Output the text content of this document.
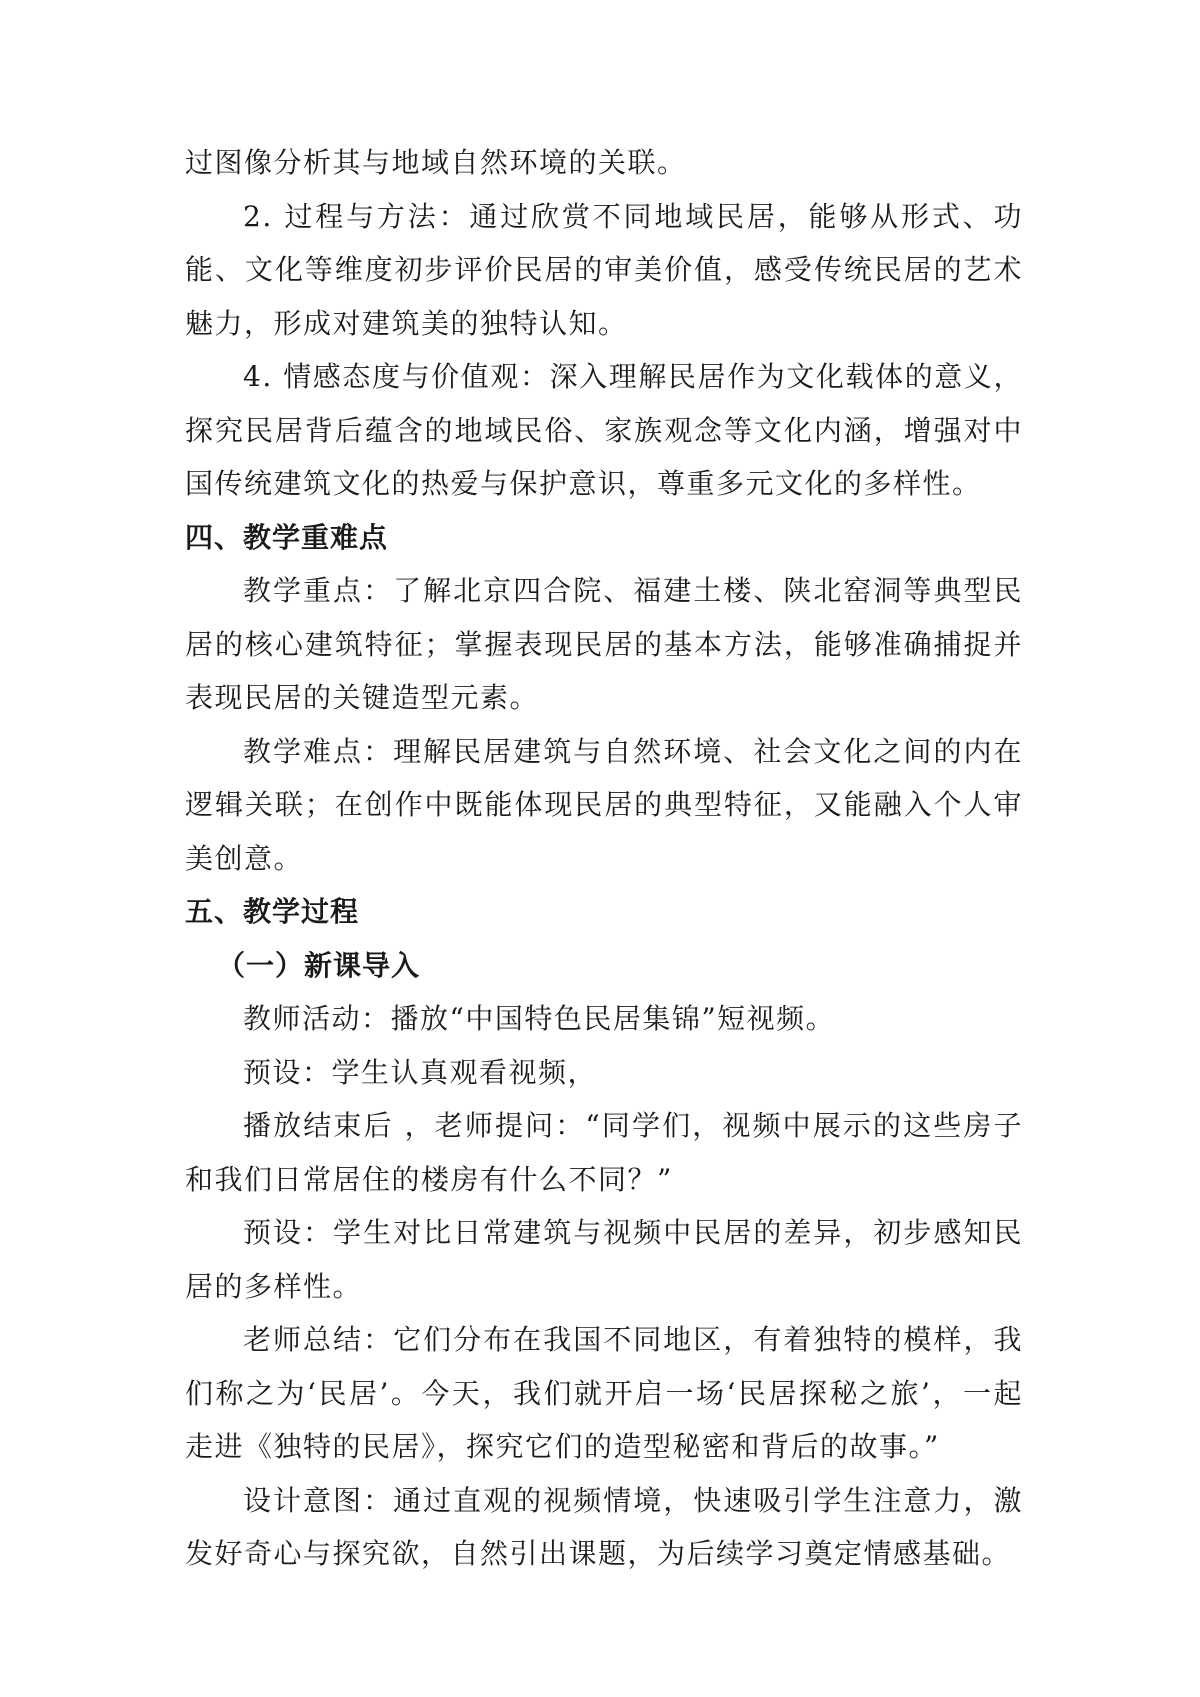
过图像分析其与地域自然环境的关联。

2. 过程与方法：通过欣赏不同地域民居，能够从形式、功能、文化等维度初步评价民居的审美价值，感受传统民居的艺术魅力，形成对建筑美的独特认知。

4. 情感态度与价值观：深入理解民居作为文化载体的意义，探究民居背后蕴含的地域民俗、家族观念等文化内涵，增强对中国传统建筑文化的热爱与保护意识，尊重多元文化的多样性。

四、教学重难点

教学重点：了解北京四合院、福建土楼、陕北窑洞等典型民居的核心建筑特征；掌握表现民居的基本方法，能够准确捕捉并表现民居的关键造型元素。

教学难点：理解民居建筑与自然环境、社会文化之间的内在逻辑关联；在创作中既能体现民居的典型特征，又能融入个人审美创意。

五、教学过程

（一）新课导入

教师活动：播放“中国特色民居集锦”短视频。

预设：学生认真观看视频，

播放结束后 ，老师提问：“同学们，视频中展示的这些房子和我们日常居住的楼房有什么不同？”

预设：学生对比日常建筑与视频中民居的差异，初步感知民居的多样性。

老师总结：它们分布在我国不同地区，有着独特的模样，我们称之为‘民居’。今天，我们就开启一场‘民居探秘之旅’，一起走进《独特的民居》，探究它们的造型秘密和背后的故事。”

设计意图：通过直观的视频情境，快速吸引学生注意力，激发好奇心与探究欲，自然引出课题，为后续学习奠定情感基础。
